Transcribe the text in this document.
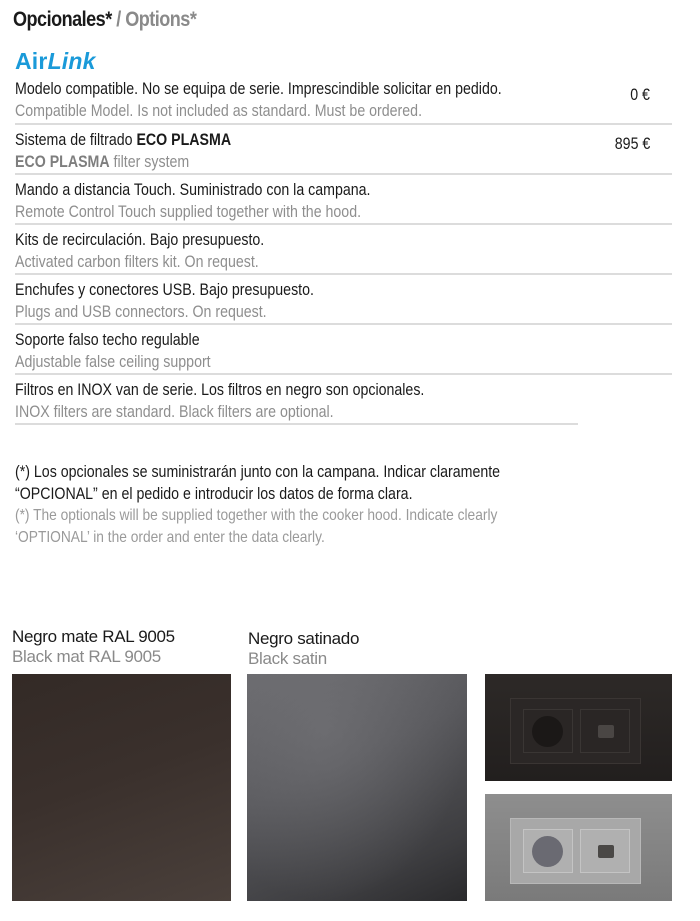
Opcionales* / Options*
AirLink
Modelo compatible. No se equipa de serie. Imprescindible solicitar en pedido.
Compatible Model. Is not included as standard. Must be ordered.
0 €
Sistema de filtrado ECO PLASMA
ECO PLASMA filter system
895 €
Mando a distancia Touch. Suministrado con la campana.
Remote Control Touch supplied together with the hood.
Kits de recirculación. Bajo presupuesto.
Activated carbon filters kit. On request.
Enchufes y conectores USB. Bajo presupuesto.
Plugs and USB connectors. On request.
Soporte falso techo regulable
Adjustable false ceiling support
Filtros en INOX van de serie. Los filtros en negro son opcionales.
INOX filters are standard. Black filters are optional.
(*) Los opcionales se suministrarán junto con la campana. Indicar claramente
“OPCIONAL” en el pedido e introducir los datos de forma clara.
(*) The optionals will be supplied together with the cooker hood. Indicate clearly
‘OPTIONAL’ in the order and enter the data clearly.
Negro mate RAL 9005
Black mat RAL 9005
Negro satinado
Black satin
